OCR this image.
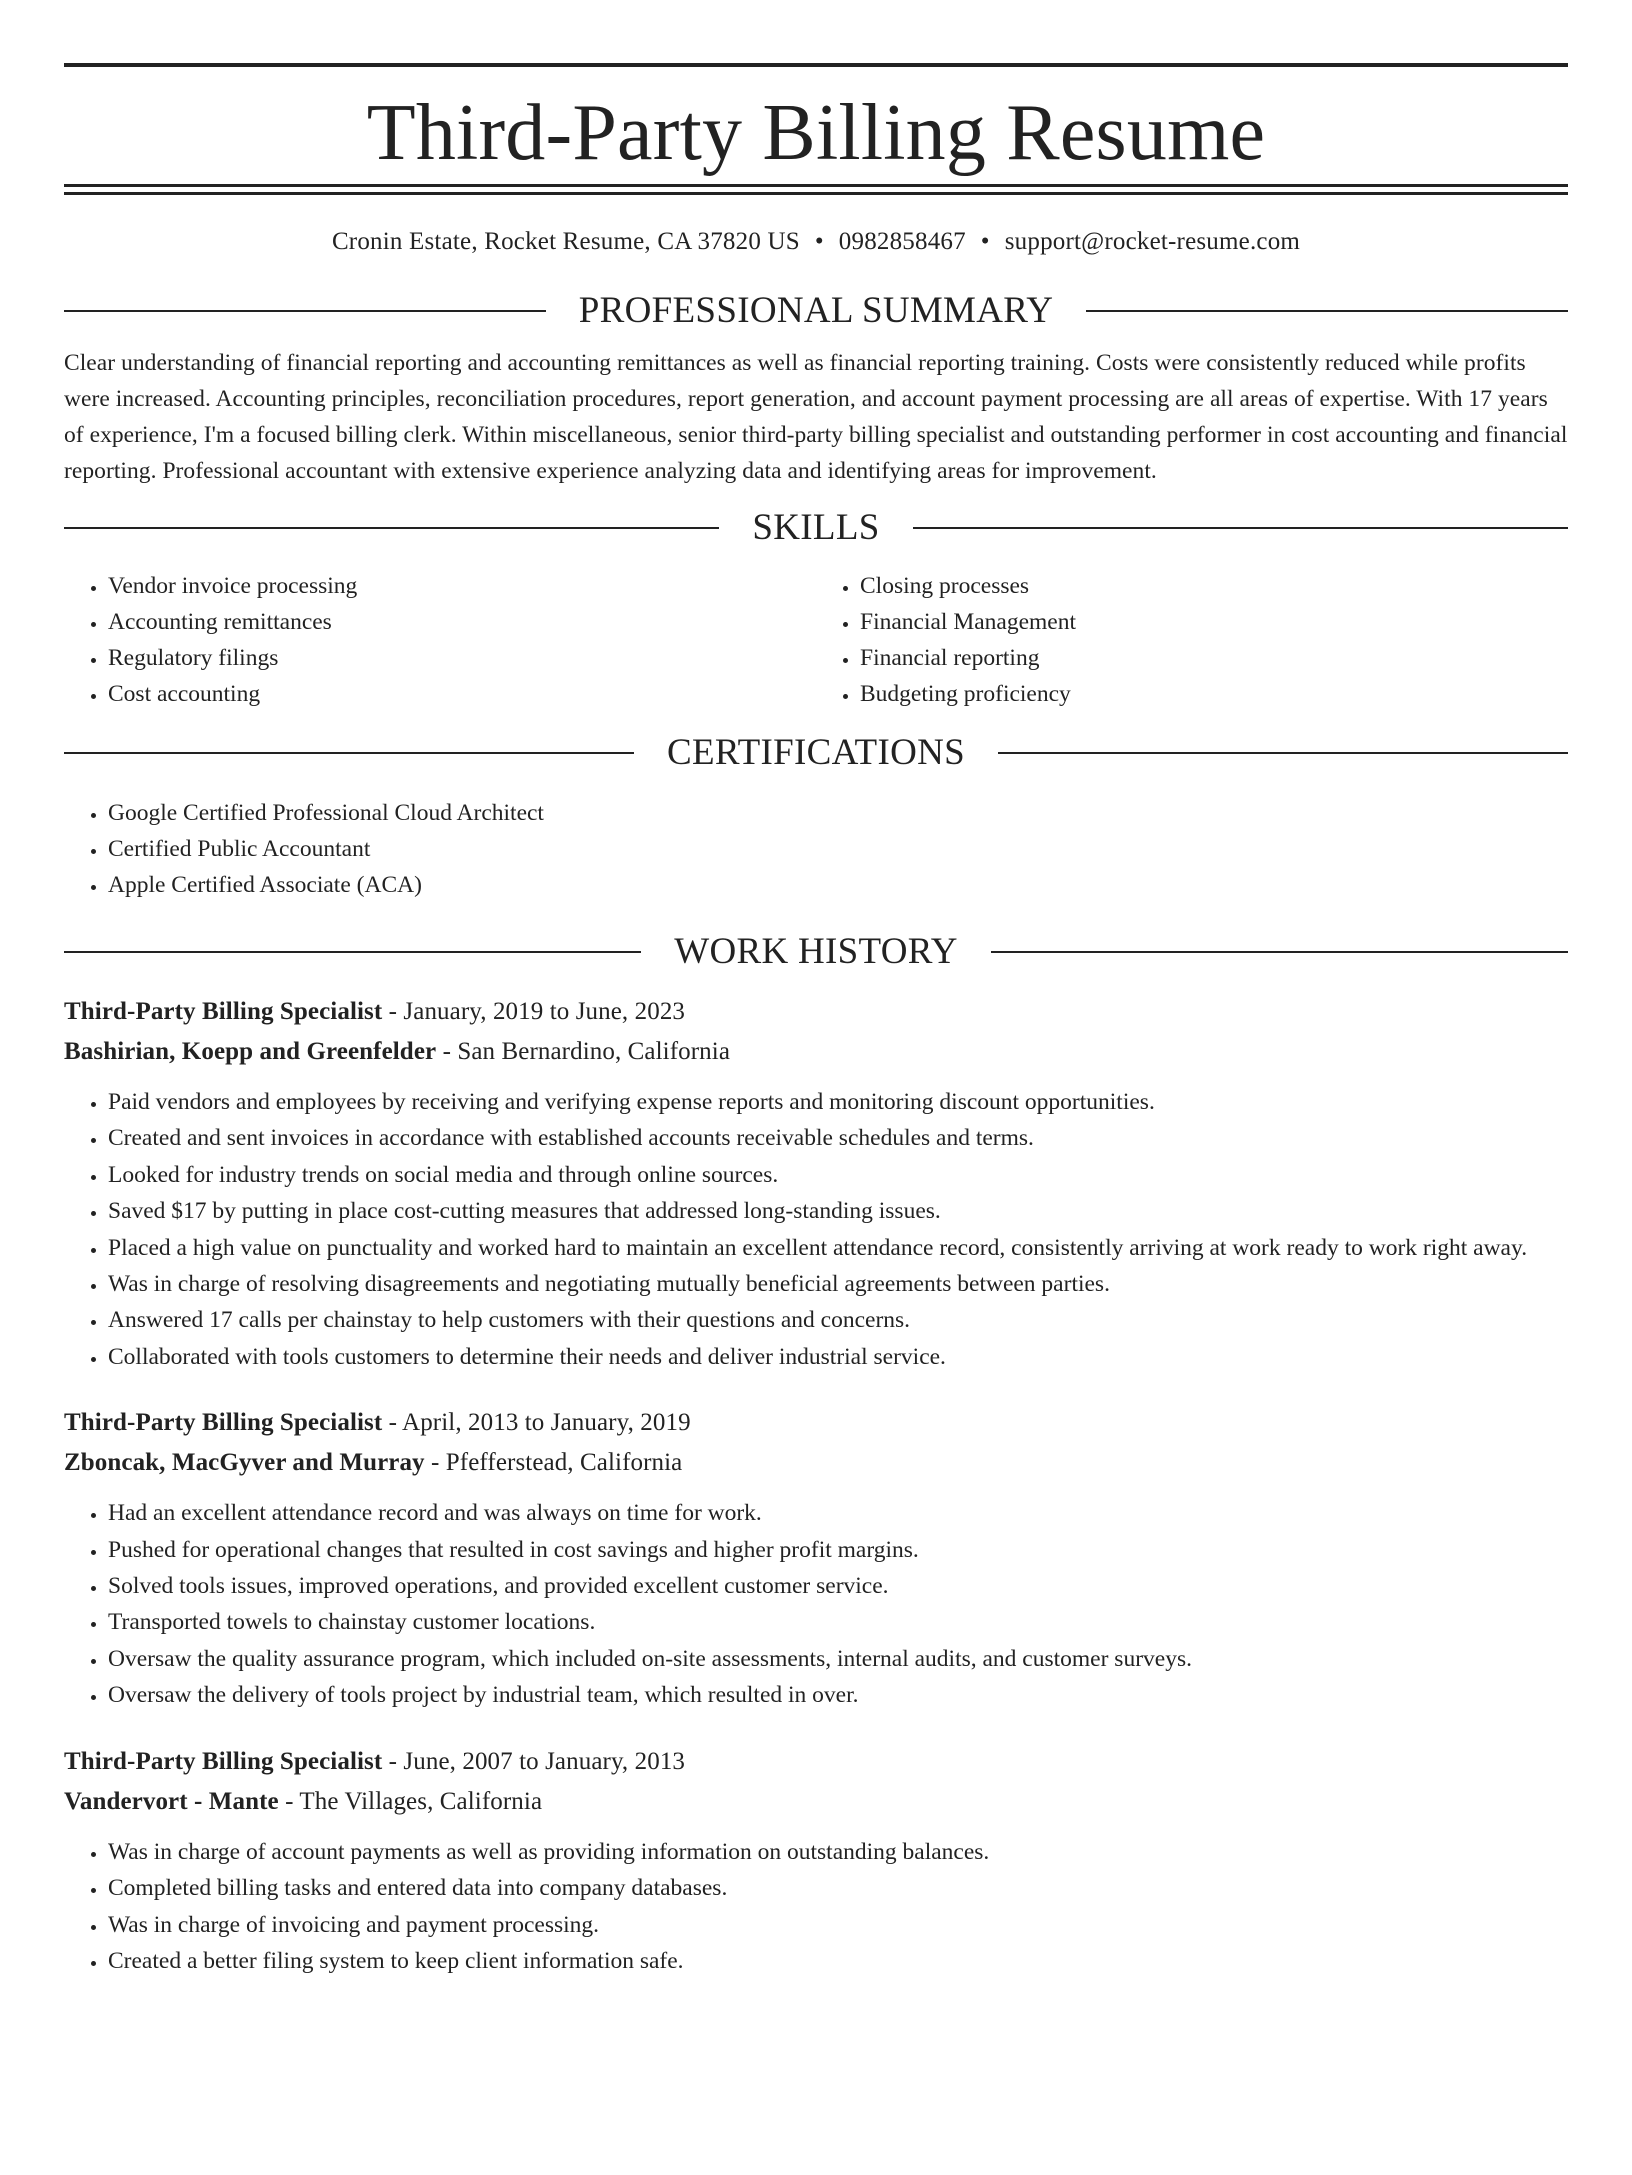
Third-Party Billing Resume
Cronin Estate, Rocket Resume, CA 37820 US • 0982858467 • support@rocket-resume.com
PROFESSIONAL SUMMARY

Clear understanding of financial reporting and accounting remittances as well as financial reporting training. Costs were consistently reduced while profits were increased. Accounting principles, reconciliation procedures, report generation, and account payment processing are all areas of expertise. With 17 years of experience, I'm a focused billing clerk. Within miscellaneous, senior third-party billing specialist and outstanding performer in cost accounting and financial reporting. Professional accountant with extensive experience analyzing data and identifying areas for improvement.

SKILLS
• Vendor invoice processing
• Accounting remittances
• Regulatory filings
• Cost accounting
• Closing processes
• Financial Management
• Financial reporting
• Budgeting proficiency
CERTIFICATIONS
• Google Certified Professional Cloud Architect
• Certified Public Accountant
• Apple Certified Associate (ACA)
WORK HISTORY
Third-Party Billing Specialist - January, 2019 to June, 2023
Bashirian, Koepp and Greenfelder - San Bernardino, California
• Paid vendors and employees by receiving and verifying expense reports and monitoring discount opportunities.
• Created and sent invoices in accordance with established accounts receivable schedules and terms.
• Looked for industry trends on social media and through online sources.
• Saved $17 by putting in place cost-cutting measures that addressed long-standing issues.
• Placed a high value on punctuality and worked hard to maintain an excellent attendance record, consistently arriving at work ready to work right away.
• Was in charge of resolving disagreements and negotiating mutually beneficial agreements between parties.
• Answered 17 calls per chainstay to help customers with their questions and concerns.
• Collaborated with tools customers to determine their needs and deliver industrial service.
Third-Party Billing Specialist - April, 2013 to January, 2019
Zboncak, MacGyver and Murray - Pfefferstead, California
• Had an excellent attendance record and was always on time for work.
• Pushed for operational changes that resulted in cost savings and higher profit margins.
• Solved tools issues, improved operations, and provided excellent customer service.
• Transported towels to chainstay customer locations.
• Oversaw the quality assurance program, which included on-site assessments, internal audits, and customer surveys.
• Oversaw the delivery of tools project by industrial team, which resulted in over.
Third-Party Billing Specialist - June, 2007 to January, 2013
Vandervort - Mante - The Villages, California
• Was in charge of account payments as well as providing information on outstanding balances.
• Completed billing tasks and entered data into company databases.
• Was in charge of invoicing and payment processing.
• Created a better filing system to keep client information safe.
